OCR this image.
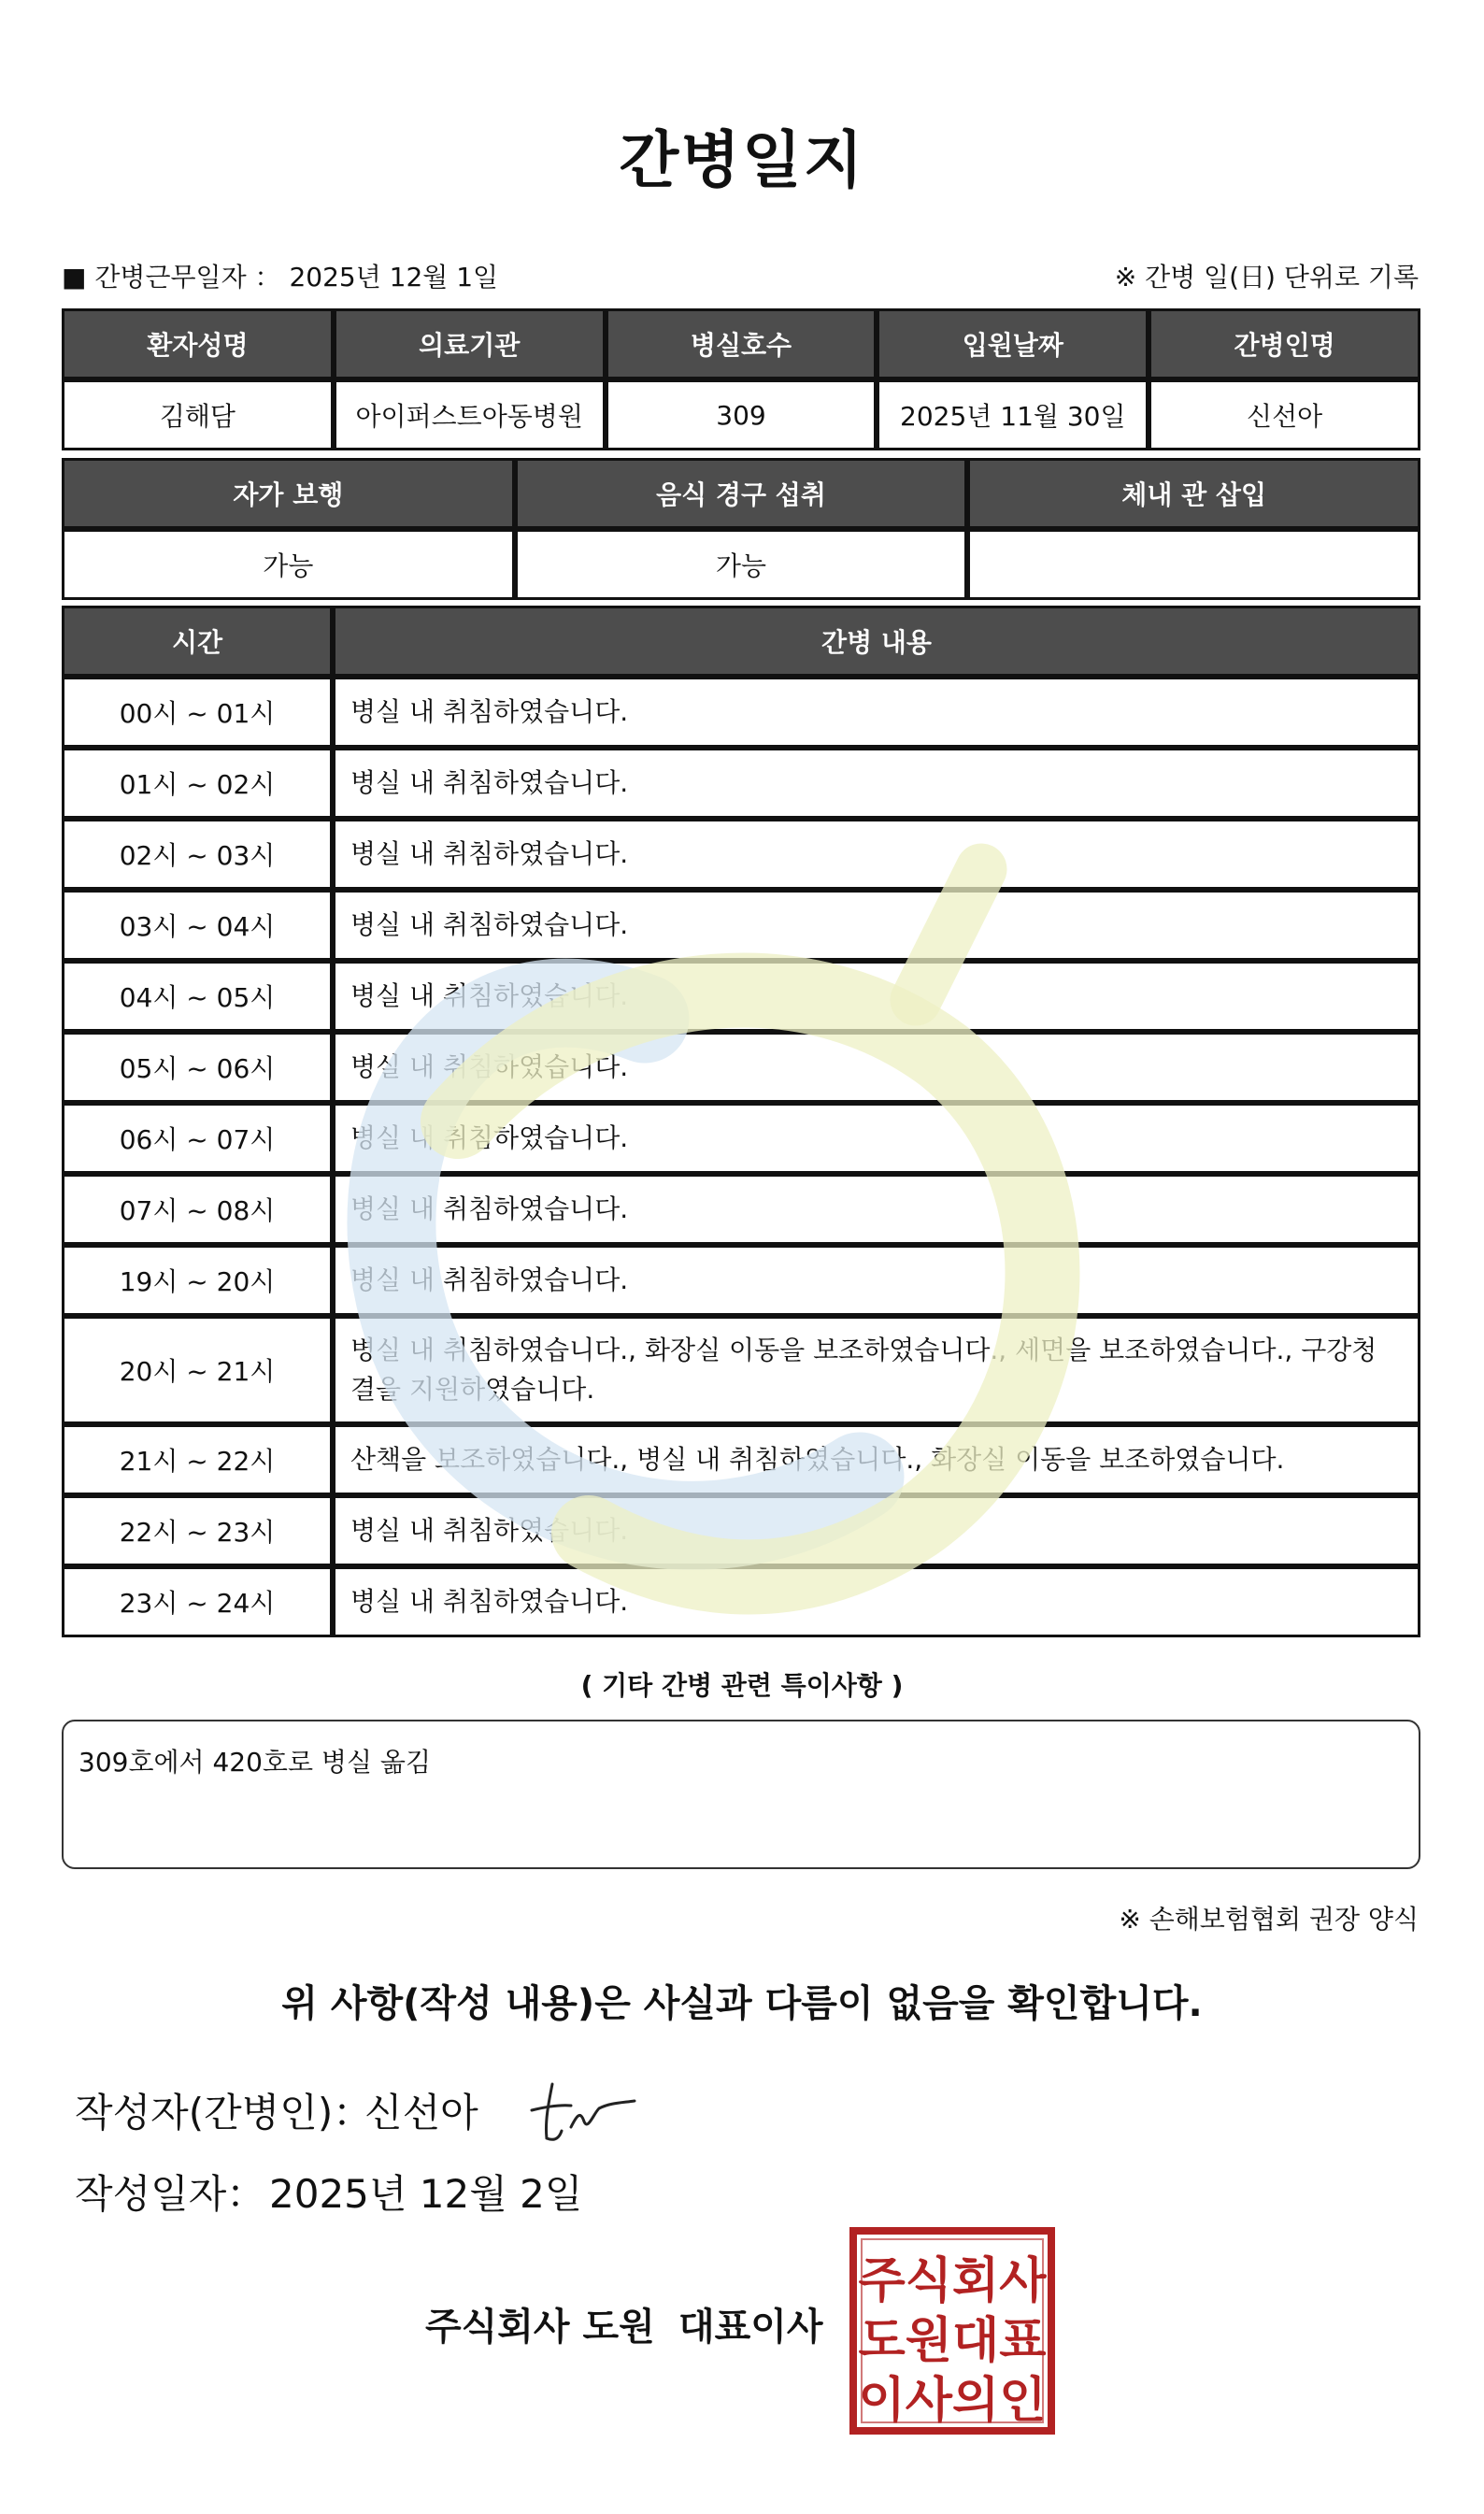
간병일지
■ 간병근무일자 ： 2025년 12월 1일	※ 간병 일(日) 단위로 기록
환자성명	의료기관	병실호수	입원날짜	간병인명
김해담	아이퍼스트아동병원	309	2025년 11월 30일	신선아
자가 보행	음식 경구 섭취	체내 관 삽입
가능	가능	
시간	간병 내용
00시 ~ 01시	병실 내 취침하였습니다.
01시 ~ 02시	병실 내 취침하였습니다.
02시 ~ 03시	병실 내 취침하였습니다.
03시 ~ 04시	병실 내 취침하였습니다.
04시 ~ 05시	병실 내 취침하였습니다.
05시 ~ 06시	병실 내 취침하였습니다.
06시 ~ 07시	병실 내 취침하였습니다.
07시 ~ 08시	병실 내 취침하였습니다.
19시 ~ 20시	병실 내 취침하였습니다.
20시 ~ 21시	병실 내 취침하였습니다., 화장실 이동을 보조하였습니다., 세면을 보조하였습니다., 구강청결을 지원하였습니다.
21시 ~ 22시	산책을 보조하였습니다., 병실 내 취침하였습니다., 화장실 이동을 보조하였습니다.
22시 ~ 23시	병실 내 취침하였습니다.
23시 ~ 24시	병실 내 취침하였습니다.
( 기타 간병 관련 특이사항 )
309호에서 420호로 병실 옮김
※ 손해보험협회 권장 양식
위 사항(작성 내용)은 사실과 다름이 없음을 확인합니다.
작성자(간병인)：
신선아
작성일자： 2025년 12월 2일
주식회사 도원 대표이사
주식회사
도원대표
이사의인
